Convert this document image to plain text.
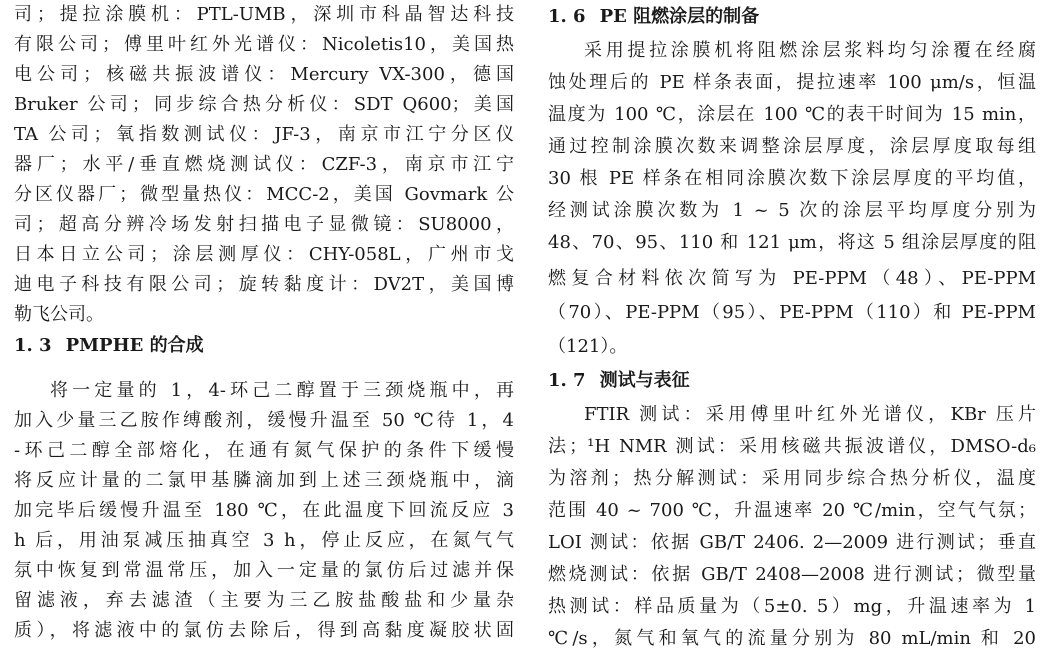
司；提拉涂膜机：PTL-UMB，深圳市科晶智达科技
有限公司；傅里叶红外光谱仪：Nicoletis10，美国热
电公司；核磁共振波谱仪：Mercury VX-300，德国
Bruker 公司；同步综合热分析仪：SDT Q600；美国
TA 公司；氧指数测试仪：JF-3，南京市江宁分区仪
器厂；水平/垂直燃烧测试仪：CZF-3，南京市江宁
分区仪器厂；微型量热仪：MCC-2，美国 Govmark 公
司；超高分辨冷场发射扫描电子显微镜：SU8000，
日本日立公司；涂层测厚仪：CHY-058L，广州市戈
迪电子科技有限公司；旋转黏度计：DV2T，美国博
勒飞公司。
1. 3 PMPHE 的合成
将一定量的 1，4-环己二醇置于三颈烧瓶中，再
加入少量三乙胺作缚酸剂，缓慢升温至 50 ℃待 1，4
-环己二醇全部熔化，在通有氮气保护的条件下缓慢
将反应计量的二氯甲基膦滴加到上述三颈烧瓶中，滴
加完毕后缓慢升温至 180 ℃，在此温度下回流反应 3
h 后，用油泵减压抽真空 3 h，停止反应，在氮气气
氛中恢复到常温常压，加入一定量的氯仿后过滤并保
留滤液，弃去滤渣（主要为三乙胺盐酸盐和少量杂
质），将滤液中的氯仿去除后，得到高黏度凝胶状固
1. 6 PE 阻燃涂层的制备
采用提拉涂膜机将阻燃涂层浆料均匀涂覆在经腐
蚀处理后的 PE 样条表面，提拉速率 100 μm/s，恒温
温度为 100 ℃，涂层在 100 ℃的表干时间为 15 min，
通过控制涂膜次数来调整涂层厚度，涂层厚度取每组
30 根 PE 样条在相同涂膜次数下涂层厚度的平均值，
经测试涂膜次数为 1 ~ 5 次的涂层平均厚度分别为
48、70、95、110 和 121 μm，将这 5 组涂层厚度的阻
燃复合材料依次简写为 PE-PPM（48）、PE-PPM
（70）、PE-PPM（95）、PE-PPM（110）和 PE-PPM
（121）。
1. 7 测试与表征
FTIR 测试：采用傅里叶红外光谱仪，KBr 压片
法；¹H NMR 测试：采用核磁共振波谱仪，DMSO-d₆
为溶剂；热分解测试：采用同步综合热分析仪，温度
范围 40 ~ 700 ℃，升温速率 20 ℃/min，空气气氛；
LOI 测试：依据 GB/T 2406. 2—2009 进行测试；垂直
燃烧测试：依据 GB/T 2408—2008 进行测试；微型量
热测试：样品质量为（5±0. 5）mg，升温速率为 1
℃/s，氮气和氧气的流量分别为 80 mL/min 和 20
